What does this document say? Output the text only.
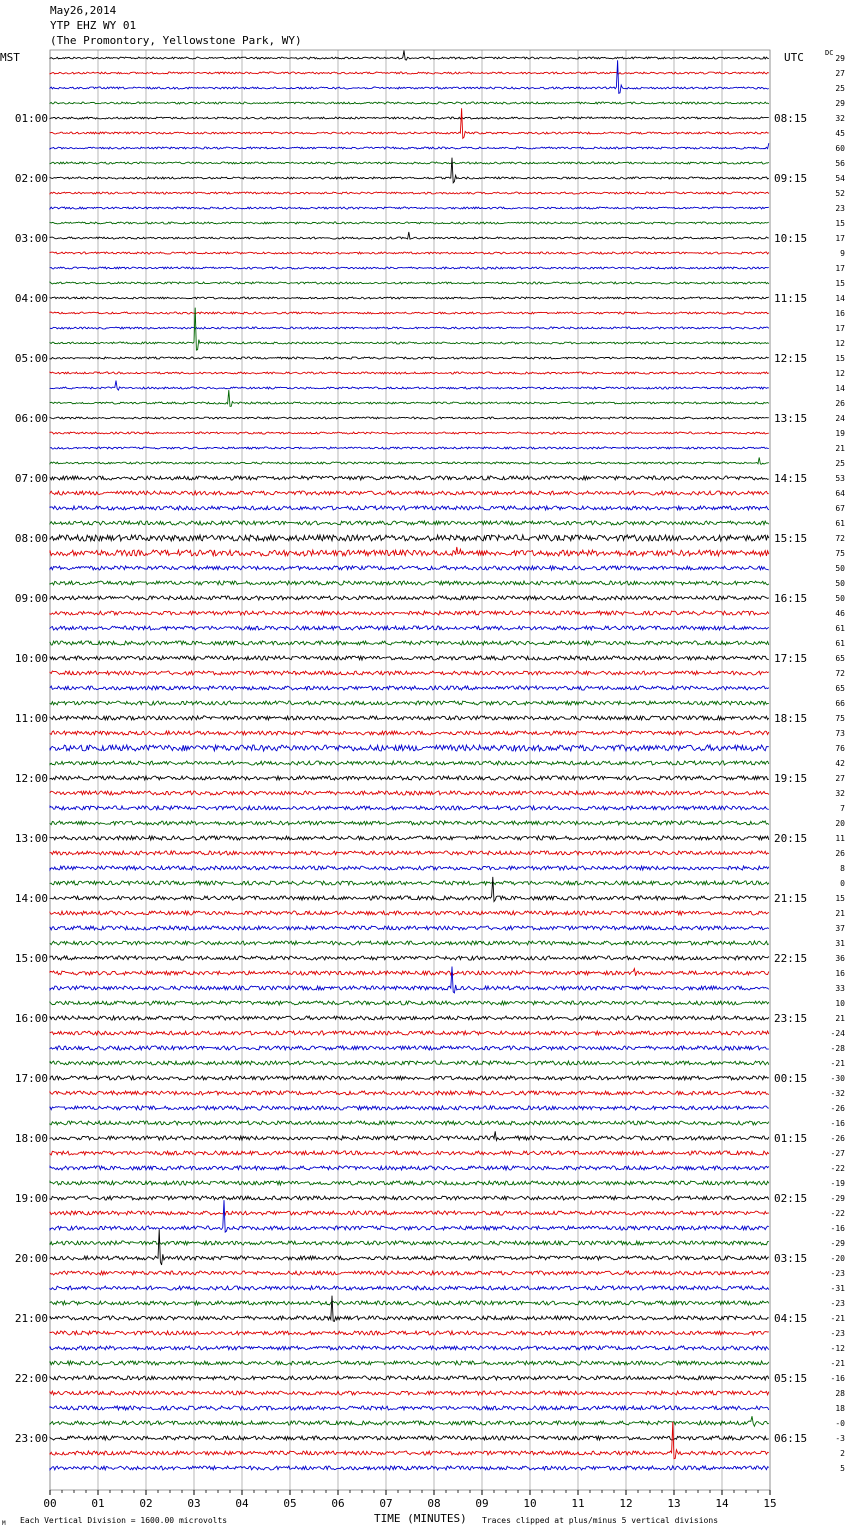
May26,2014
YTP EHZ WY 01
(The Promontory, Yellowstone Park, WY)
29
27
25
29
32
45
60
56
54
52
23
15
17
9
17
15
14
16
17
12
15
12
14
26
24
19
21
25
53
64
67
61
72
75
50
50
50
46
61
61
65
72
65
66
75
73
76
42
27
32
7
20
11
26
8
0
15
21
37
31
36
16
33
10
21
-24
-28
-21
-30
-32
-26
-16
-26
-27
-22
-19
-29
-22
-16
-29
-20
-23
-31
-23
-21
-23
-12
-21
-16
28
18
-0
-3
2
5
01:00	08:15
02:00	09:15
03:00	10:15
04:00	11:15
05:00	12:15
06:00	13:15
07:00	14:15
08:00	15:15
09:00	16:15
10:00	17:15
11:00	18:15
12:00	19:15
13:00	20:15
14:00	21:15
15:00	22:15
16:00	23:15
17:00	00:15
18:00	01:15
19:00	02:15
20:00	03:15
21:00	04:15
22:00	05:15
23:00	06:15
MST	UTC	DC
00	01	02	03	04	05	06	07	08	09	10	11	12	13	14	15
M Each Vertical Division = 1600.00 microvolts	TIME (MINUTES) Traces clipped at plus/minus 5 vertical divisions
